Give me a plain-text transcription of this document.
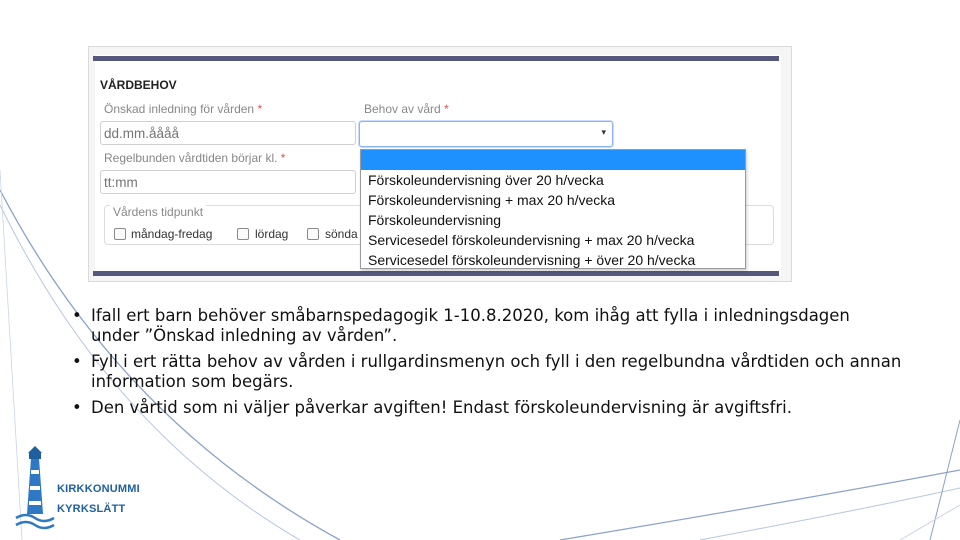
VÅRDBEHOV
Önskad inledning för vården *
dd.mm.åååå	Behov av vård *
▾
Regelbunden vårdtiden börjar kl. *
tt:mm
Vårdens tidpunkt
måndag-fredag	lördag	sönda
Förskoleundervisning över 20 h/vecka
Förskoleundervisning + max 20 h/vecka
Förskoleundervisning
Servicesedel förskoleundervisning + max 20 h/vecka
Servicesedel förskoleundervisning + över 20 h/vecka
• Ifall ert barn behöver småbarnspedagogik 1-10.8.2020, kom ihåg att fylla i inledningsdagen under ”Önskad inledning av vården”.
• Fyll i ert rätta behov av vården i rullgardinsmenyn och fyll i den regelbundna vårdtiden och annan information som begärs.
• Den vårtid som ni väljer påverkar avgiften! Endast förskoleundervisning är avgiftsfri.
KIRKKONUMMI
KYRKSLÄTT
